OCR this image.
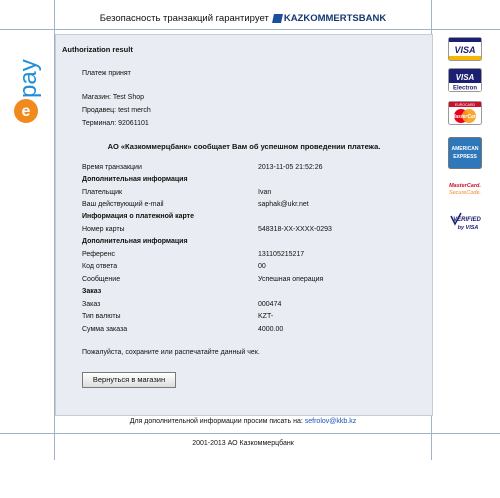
Безопасность транзакций гарантирует KAZKOMMERTSBANK
e
pay
Authorization result
Платеж принят
Магазин: Test Shop
Продавец: test merch
Терминал: 92061101
АО «Казкоммерцбанк» сообщает Вам об успешном проведении платежа.
Время транзакции	2013-11-05 21:52:26
Дополнительная информация
Плательщик	Ivan
Ваш действующий e-mail	saphak@ukr.net
Информация о платежной карте
Номер карты	548318-XX-XXXX-0293
Дополнительная информация
Референс	131105215217
Код ответа	00
Сообщение	Успешная операция
Заказ
Заказ	000474
Тип валюты	KZT-
Сумма заказа	4000.00
Пожалуйста, сохраните или распечатайте данный чек.
Вернуться в магазин
Для дополнительной информации просим писать на: sefrolov@kkb.kz
2001-2013 АО Казкоммерцбанк
VISA
VISA
Electron
EUROCARD
MasterCard
AMERICAN
EXPRESS
MasterCard.
SecureCode.
VERIFIED
by VISA
